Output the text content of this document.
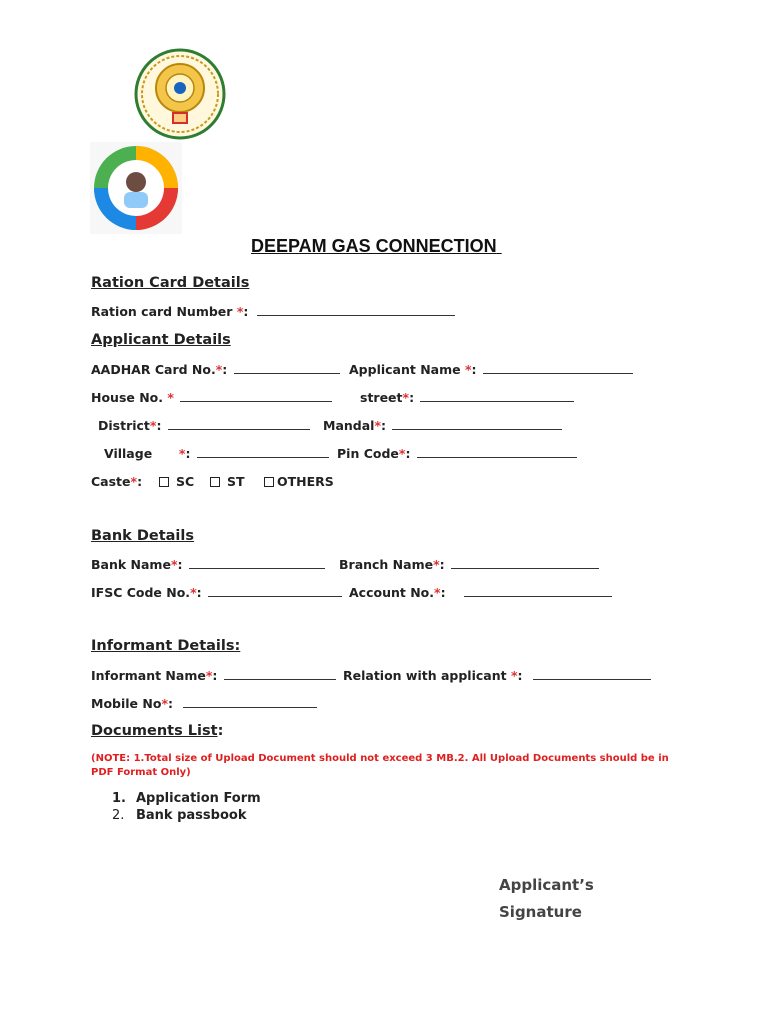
DEEPAM GAS CONNECTION
Ration Card Details
Ration card Number *:
Applicant Details
AADHAR Card No.*:	Applicant Name *:
House No. *	street*:
District*:	Mandal*:
Village *:	Pin Code*:
Caste*:	SC	ST	OTHERS
Bank Details
Bank Name*:	Branch Name*:
IFSC Code No.*:	Account No.*:
Informant Details:
Informant Name*:	Relation with applicant *:
Mobile No*:
Documents List:
(NOTE: 1.Total size of Upload Document should not exceed 3 MB.2. All Upload Documents should be in PDF Format Only)
1. Application Form
2. Bank passbook
Applicant’s
Signature
